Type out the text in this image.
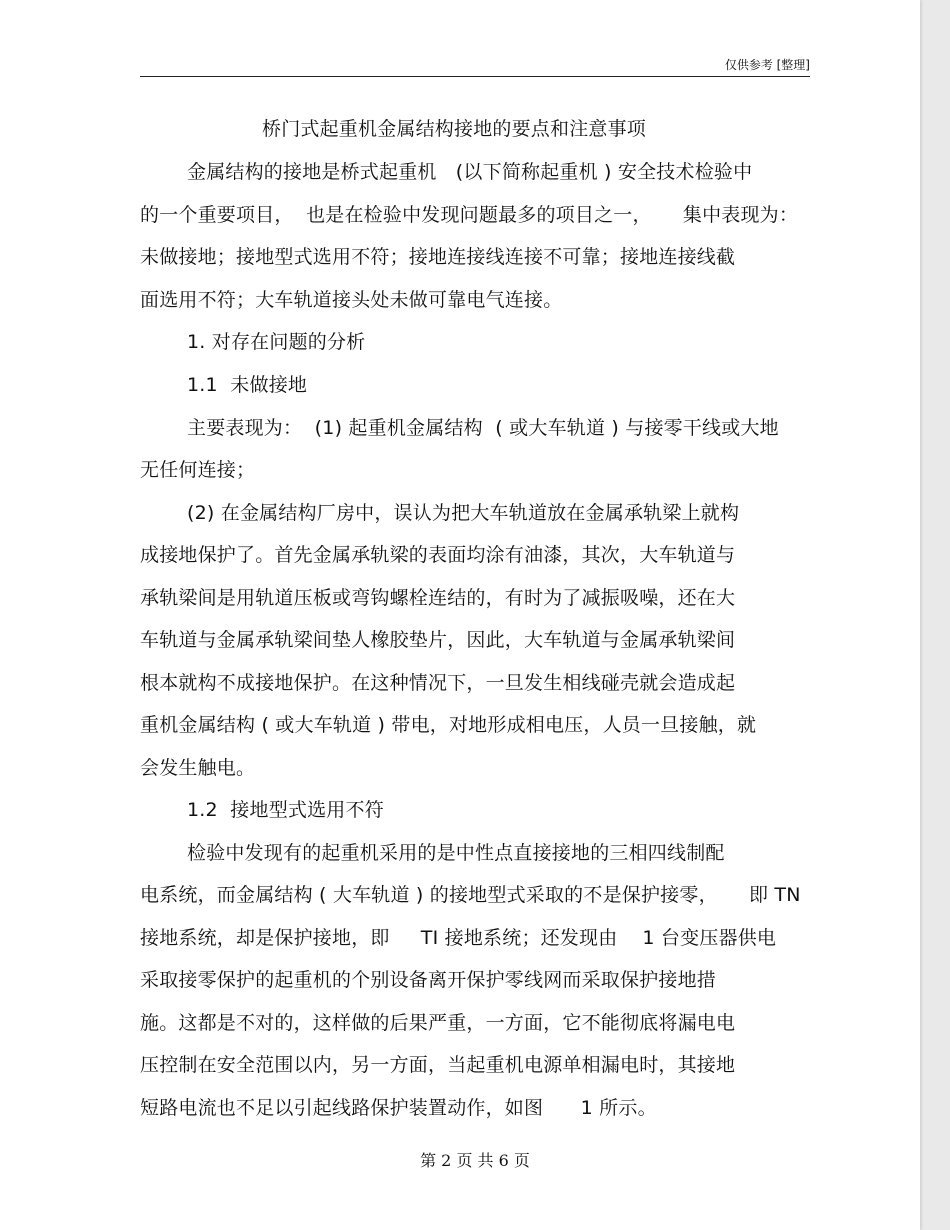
仅供参考 [整理]
桥门式起重机金属结构接地的要点和注意事项
金属结构的接地是桥式起重机　(以下简称起重机 ) 安全技术检验中
的一个重要项目，  也是在检验中发现问题最多的项目之一，     集中表现为：
未做接地；接地型式选用不符；接地连接线连接不可靠；接地连接线截
面选用不符；大车轨道接头处未做可靠电气连接。
1. 对存在问题的分析
1.1  未做接地
主要表现为：  (1) 起重机金属结构  ( 或大车轨道 ) 与接零干线或大地
无任何连接；
(2) 在金属结构厂房中，误认为把大车轨道放在金属承轨梁上就构
成接地保护了。首先金属承轨梁的表面均涂有油漆，其次，大车轨道与
承轨梁间是用轨道压板或弯钩螺栓连结的，有时为了减振吸噪，还在大
车轨道与金属承轨梁间垫人橡胶垫片，因此，大车轨道与金属承轨梁间
根本就构不成接地保护。在这种情况下，一旦发生相线碰壳就会造成起
重机金属结构 ( 或大车轨道 ) 带电，对地形成相电压，人员一旦接触，就
会发生触电。
1.2  接地型式选用不符
检验中发现有的起重机采用的是中性点直接接地的三相四线制配
电系统，而金属结构 ( 大车轨道 ) 的接地型式采取的不是保护接零，     即 TN
接地系统，却是保护接地，即     TI 接地系统；还发现由    1 台变压器供电
采取接零保护的起重机的个别设备离开保护零线网而采取保护接地措
施。这都是不对的，这样做的后果严重，一方面，它不能彻底将漏电电
压控制在安全范围以内，另一方面，当起重机电源单相漏电时，其接地
短路电流也不足以引起线路保护装置动作，如图      1 所示。
第 2 页 共 6 页
